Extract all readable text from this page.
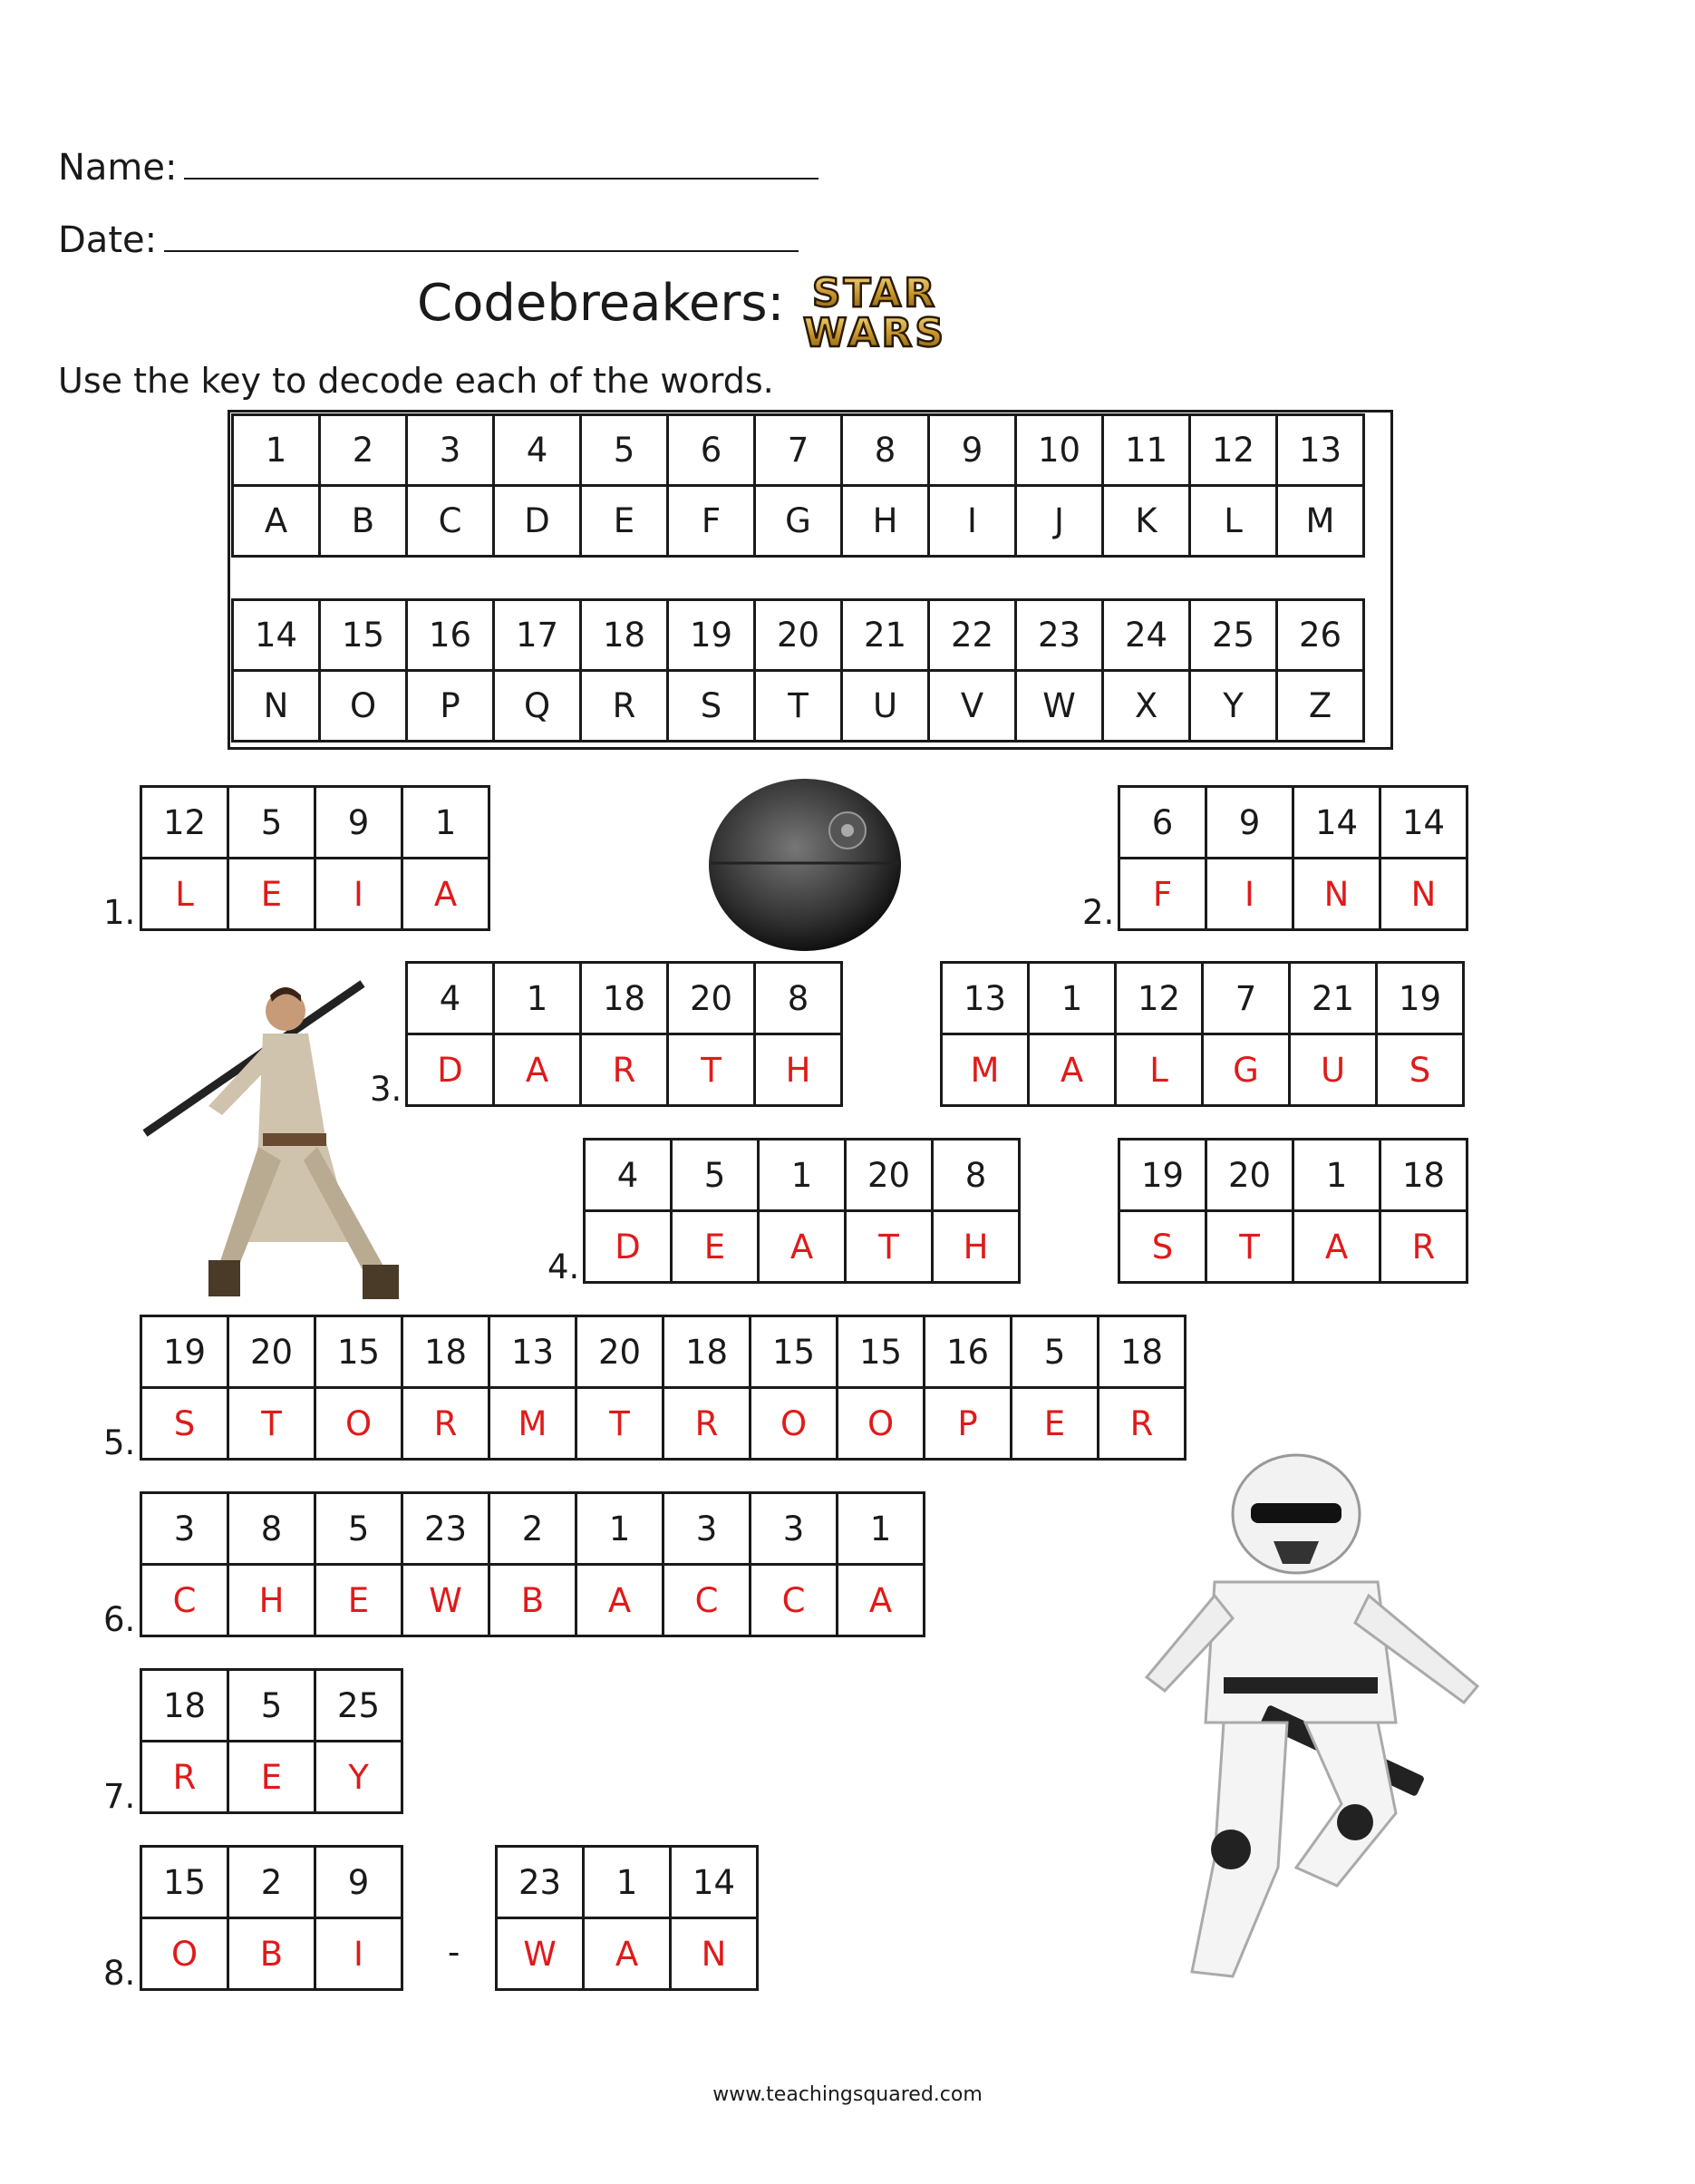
Name:
Date:
Codebreakers: STAR
WARS
Use the key to decode each of the words.
1	2	3	4	5	6	7	8	9	10	11	12	13
A	B	C	D	E	F	G	H	I	J	K	L	M
14	15	16	17	18	19	20	21	22	23	24	25	26
N	O	P	Q	R	S	T	U	V	W	X	Y	Z
1.
12	5	9	1
L	E	I	A	2.
6	9	14	14
F	I	N	N
3.
4	1	18	20	8
D	A	R	T	H
13	1	12	7	21	19
M	A	L	G	U	S
4.
4	5	1	20	8
D	E	A	T	H
19	20	1	18
S	T	A	R
5.
19	20	15	18	13	20	18	15	15	16	5	18
S	T	O	R	M	T	R	O	O	P	E	R
6.
3	8	5	23	2	1	3	3	1
C	H	E	W	B	A	C	C	A
7.
18	5	25
R	E	Y
8.
15	2	9
O	B	I
23	1	14
W	A	N
-
www.teachingsquared.com
